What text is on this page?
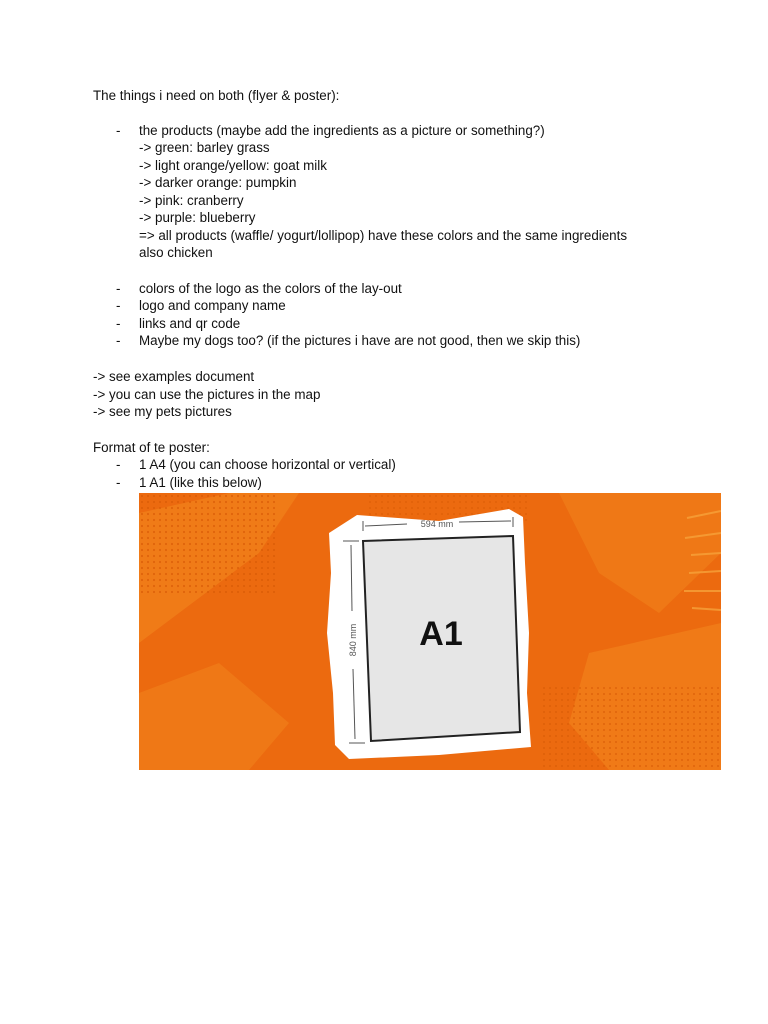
The things i need on both (flyer & poster):
- the products (maybe add the ingredients as a picture or something?)
-> green: barley grass
-> light orange/yellow: goat milk
-> darker orange: pumpkin
-> pink: cranberry
-> purple: blueberry
=> all products (waffle/ yogurt/lollipop) have these colors and the same ingredients
also chicken
- colors of the logo as the colors of the lay-out
- logo and company name
- links and qr code
- Maybe my dogs too? (if the pictures i have are not good, then we skip this)
-> see examples document
-> you can use the pictures in the map
-> see my pets pictures
Format of te poster:
- 1 A4 (you can choose horizontal or vertical)
- 1 A1 (like this below)
594 mm
840 mm A1
